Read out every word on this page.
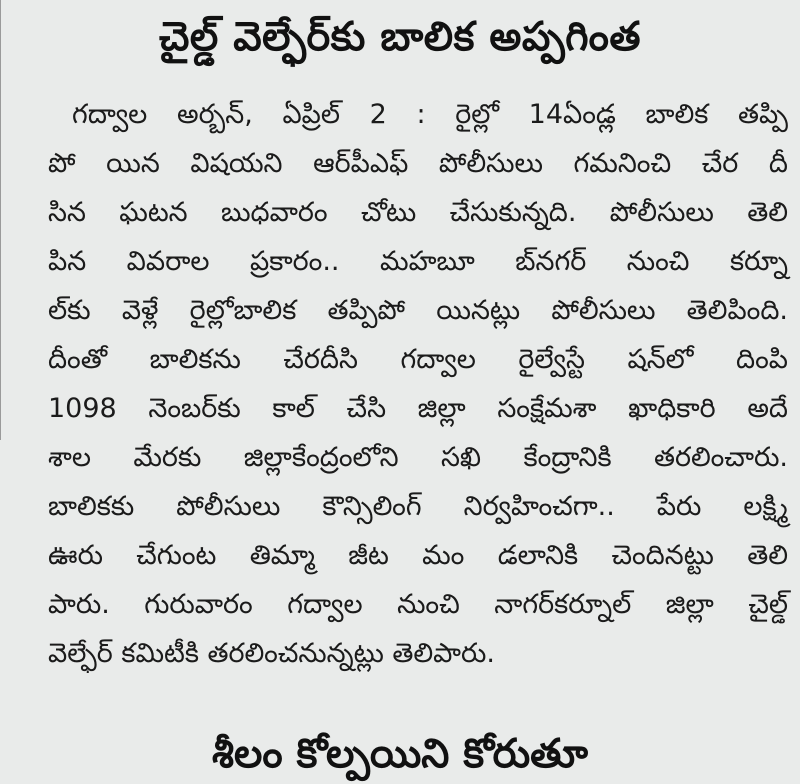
చైల్డ్ వెల్ఫేర్‌కు బాలిక అప్పగింత
గద్వాల అర్బన్, ఏప్రిల్ 2 : రైల్లో 14ఏండ్ల బాలిక తప్పి
పో యిన విషయని ఆర్‌పీఎఫ్ పోలీసులు గమనించి చేర దీ
సిన ఘటన బుధవారం చోటు చేసుకున్నది. పోలీసులు తెలి
పిన వివరాల ప్రకారం.. మహబూ బ్‌నగర్ నుంచి కర్నూ
ల్‌కు వెళ్లే రైల్లోబాలిక తప్పిపో యినట్లు పోలీసులు తెలిపింది.
దీంతో బాలికను చేరదీసి గద్వాల రైల్వేస్టే షన్‌లో దింపి
1098 నెంబర్‌కు కాల్ చేసి జిల్లా సంక్షేమశా ఖాధికారి అదే
శాల మేరకు జిల్లాకేంద్రంలోని సఖి కేంద్రానికి తరలించారు.
బాలికకు పోలీసులు కౌన్సిలింగ్ నిర్వహించగా.. పేరు లక్ష్మి
ఊరు చేగుంట తిమ్మా జీట మం డలానికి చెందినట్టు తెలి
పారు. గురువారం గద్వాల నుంచి నాగర్‌కర్నూల్ జిల్లా చైల్డ్
వెల్ఫేర్ కమిటీకి తరలించనున్నట్లు తెలిపారు.
శీలం కోల్పయిని కోరుతూ
